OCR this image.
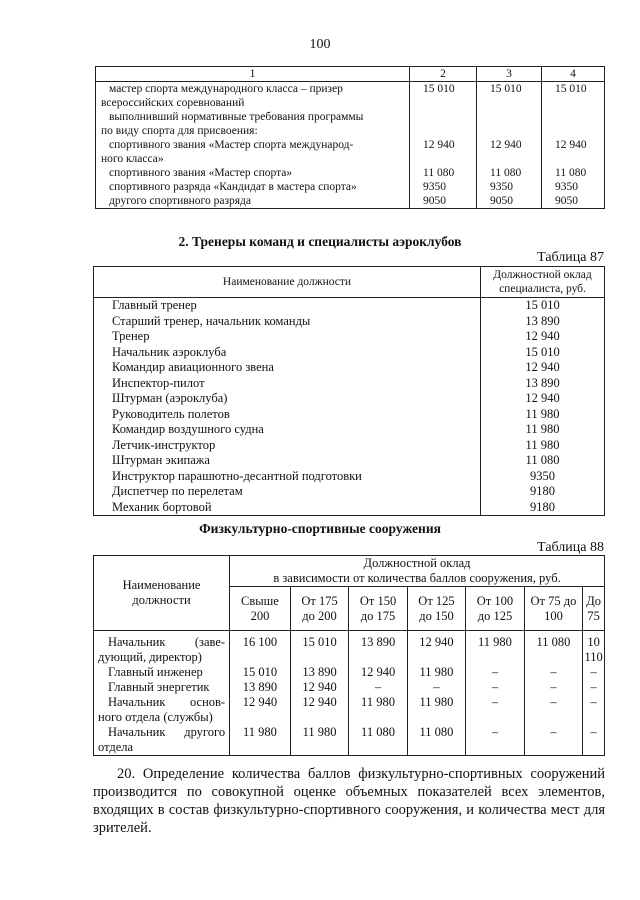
100
1	2	3	4

мастер спорта международного класса – призер
всероссийских соревнований	15 010	15 010	15 010

выполнивший нормативные требования программы
по виду спорта для присвоения:			

спортивного звания «Мастер спорта международ-
ного класса»	12 940	12 940	12 940

спортивного звания «Мастер спорта»	11 080	11 080	11 080

спортивного разряда «Кандидат в мастера спорта»	9350	9350	9350

другого спортивного разряда	9050	9050	9050
2. Тренеры команд и специалисты аэроклубов
Таблица 87
Наименование должности	Должностной оклад специалиста, руб.
Главный тренер	15 010
Старший тренер, начальник команды	13 890
Тренер	12 940
Начальник аэроклуба	15 010
Командир авиационного звена	12 940
Инспектор-пилот	13 890
Штурман (аэроклуба)	12 940
Руководитель полетов	11 980
Командир воздушного судна	11 980
Летчик-инструктор	11 980
Штурман экипажа	11 080
Инструктор парашютно-десантной подготовки	9350
Диспетчер по перелетам	9180
Механик бортовой	9180
Физкультурно-спортивные сооружения
Таблица 88
Наименование должности	Должностной оклад
в зависимости от количества баллов сооружения, руб.						
	Свыше 200	От 175 до 200	От 150 до 175	От 125 до 150	От 100 до 125	От 75 до 100	До 75

Начальник (заве-
дующий, директор)	16 100	15 010	13 890	12 940	11 980	11 080	10 110
Главный инженер	15 010	13 890	12 940	11 980	–	–	–
Главный энергетик	13 890	12 940	–	–	–	–	–

Начальник основ-
ного отдела (службы)	12 940	12 940	11 980	11 980	–	–	–

Начальник другого
отдела	11 980	11 980	11 080	11 080	–	–	–
20. Определение количества баллов физкультурно-спортивных сооружений производится по совокупной оценке объемных показателей всех элементов, входящих в состав физкультурно-спортивного сооружения, и количества мест для зрителей.
